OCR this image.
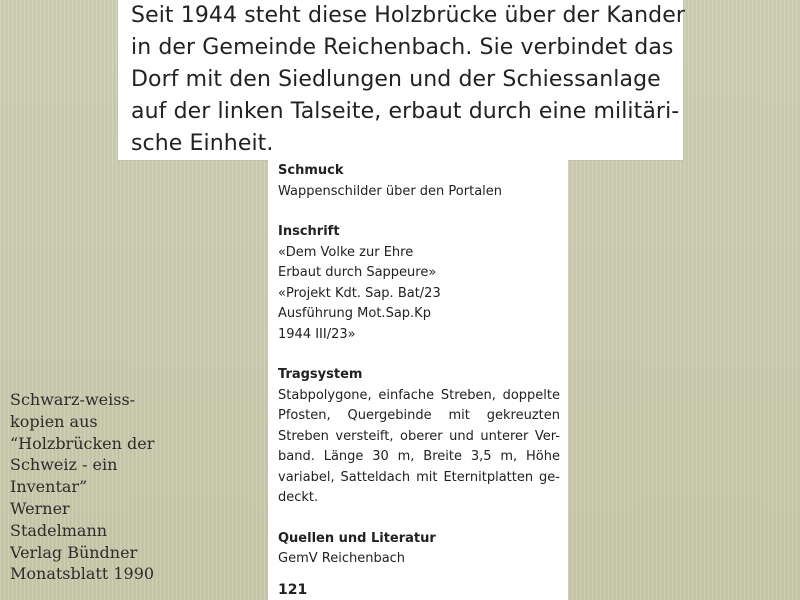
Seit 1944 steht diese Holzbrücke über der Kander
in der Gemeinde Reichenbach. Sie verbindet das
Dorf mit den Siedlungen und der Schiessanlage
auf der linken Talseite, erbaut durch eine militäri-
sche Einheit.
Schmuck
Wappenschilder über den Portalen
Inschrift
«Dem Volke zur Ehre
Erbaut durch Sappeure»
«Projekt Kdt. Sap. Bat/23
Ausführung Mot.Sap.Kp
1944 III/23»
Tragsystem
Stabpolygone, einfache Streben, doppelte
Pfosten, Quergebinde mit gekreuzten
Streben versteift, oberer und unterer Ver-
band. Länge 30 m, Breite 3,5 m, Höhe
variabel, Satteldach mit Eternitplatten ge-
deckt.
Quellen und Literatur
GemV Reichenbach
121
Schwarz-weiss-
kopien aus
“Holzbrücken der
Schweiz - ein
Inventar”
Werner
Stadelmann
Verlag Bündner
Monatsblatt 1990
